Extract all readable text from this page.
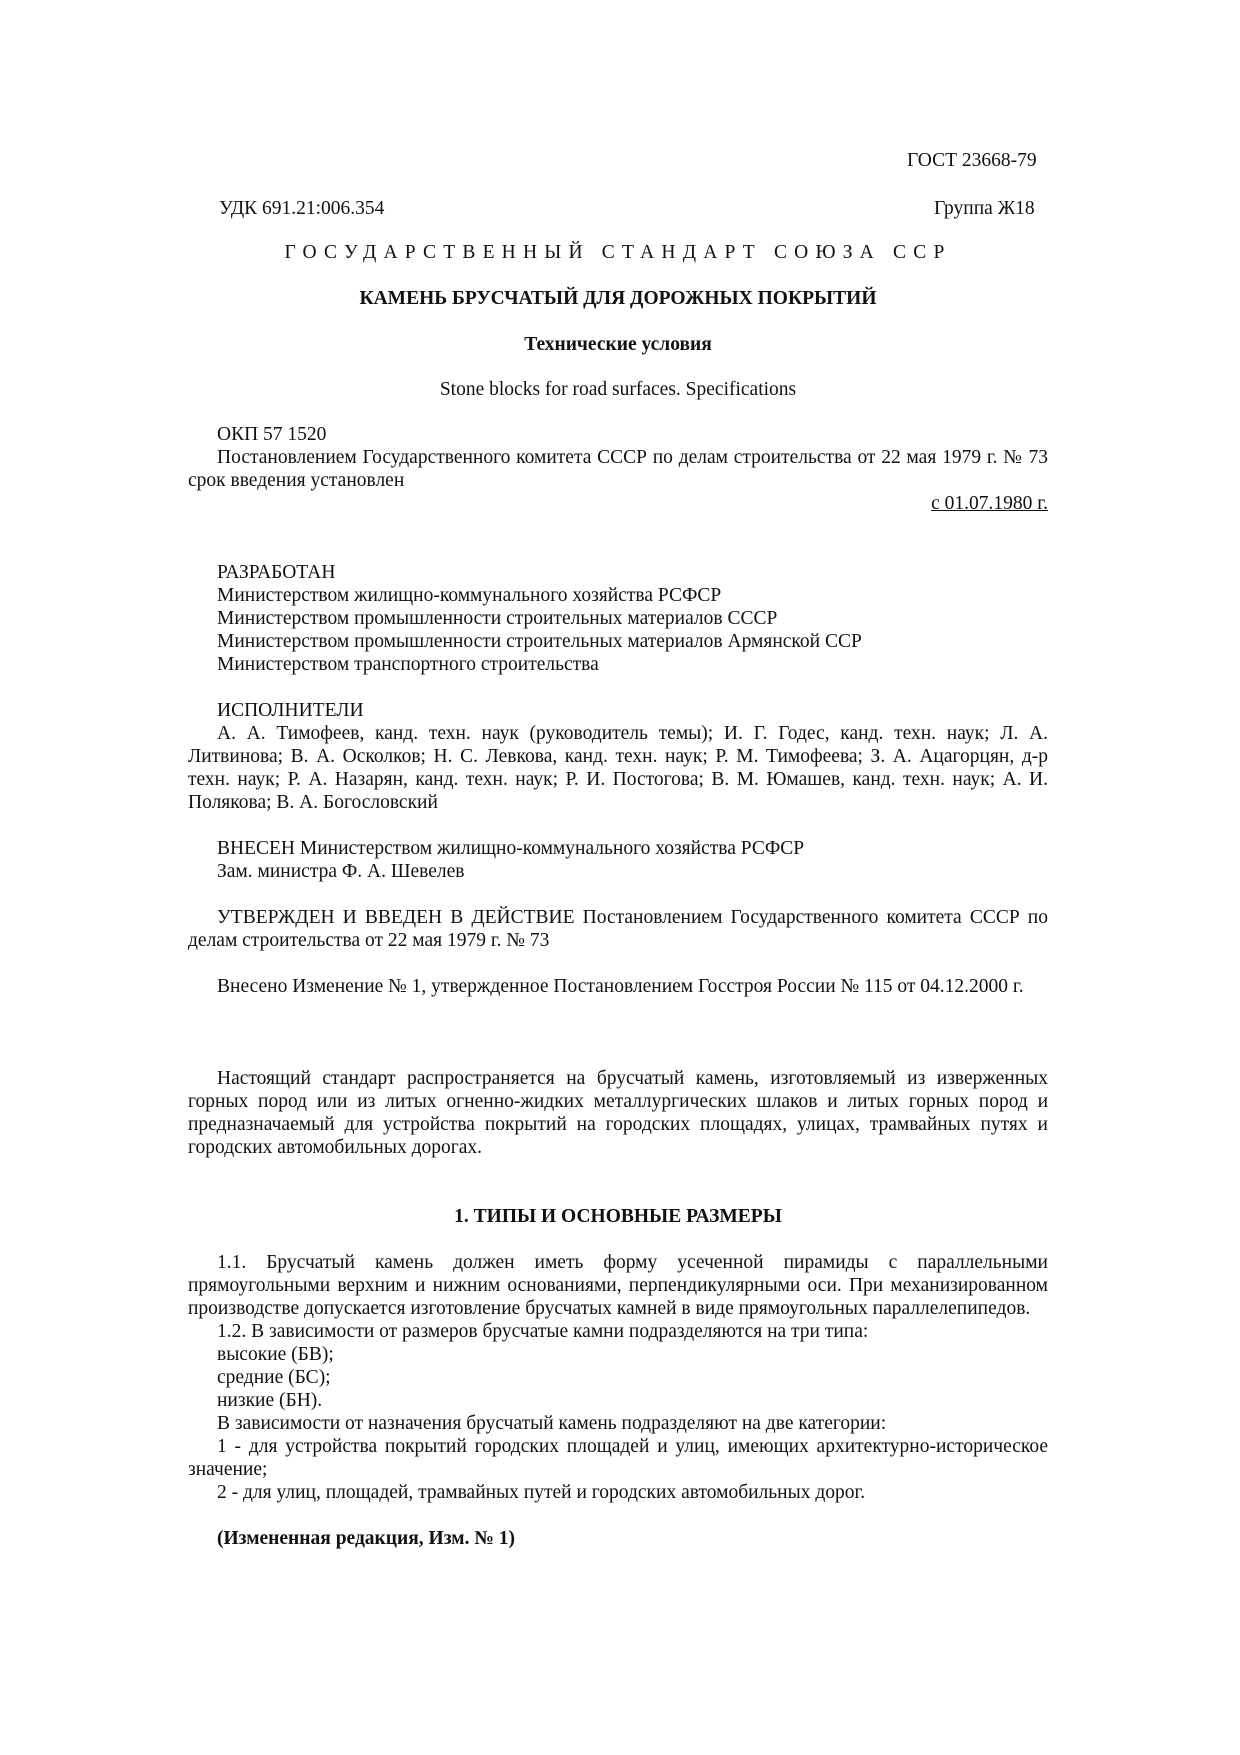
ГОСТ 23668-79
УДК 691.21:006.354	Группа Ж18
ГОСУДАРСТВЕННЫЙ СТАНДАРТ СОЮЗА ССР
КАМЕНЬ БРУСЧАТЫЙ ДЛЯ ДОРОЖНЫХ ПОКРЫТИЙ
Технические условия
Stone blocks for road surfaces. Specifications

ОКП 57 1520

Постановлением Государственного комитета СССР по делам строительства от 22 мая 1979 г. № 73 срок введения установлен

с 01.07.1980 г.

РАЗРАБОТАН

Министерством жилищно-коммунального хозяйства РСФСР

Министерством промышленности строительных материалов СССР

Министерством промышленности строительных материалов Армянской ССР

Министерством транспортного строительства

ИСПОЛНИТЕЛИ

А. А. Тимофеев, канд. техн. наук (руководитель темы); И. Г. Годес, канд. техн. наук; Л. А. Литвинова; В. А. Осколков; Н. С. Левкова, канд. техн. наук; Р. М. Тимофеева; З. А. Ацагорцян, д-р техн. наук; Р. А. Назарян, канд. техн. наук; Р. И. Постогова; В. М. Юмашев, канд. техн. наук; А. И. Полякова; В. А. Богословский

ВНЕСЕН Министерством жилищно-коммунального хозяйства РСФСР

Зам. министра Ф. А. Шевелев

УТВЕРЖДЕН И ВВЕДЕН В ДЕЙСТВИЕ Постановлением Государственного комитета СССР по делам строительства от 22 мая 1979 г. № 73

Внесено Изменение № 1, утвержденное Постановлением Госстроя России № 115 от 04.12.2000 г.

Настоящий стандарт распространяется на брусчатый камень, изготовляемый из изверженных горных пород или из литых огненно-жидких металлургических шлаков и литых горных пород и предназначаемый для устройства покрытий на городских площадях, улицах, трамвайных путях и городских автомобильных дорогах.

1. ТИПЫ И ОСНОВНЫЕ РАЗМЕРЫ

1.1. Брусчатый камень должен иметь форму усеченной пирамиды с параллельными прямоугольными верхним и нижним основаниями, перпендикулярными оси. При механизированном производстве допускается изготовление брусчатых камней в виде прямоугольных параллелепипедов.

1.2. В зависимости от размеров брусчатые камни подразделяются на три типа:

высокие (БВ);

средние (БС);

низкие (БН).

В зависимости от назначения брусчатый камень подразделяют на две категории:

1 - для устройства покрытий городских площадей и улиц, имеющих архитектурно-историческое значение;

2 - для улиц, площадей, трамвайных путей и городских автомобильных дорог.

(Измененная редакция, Изм. № 1)
